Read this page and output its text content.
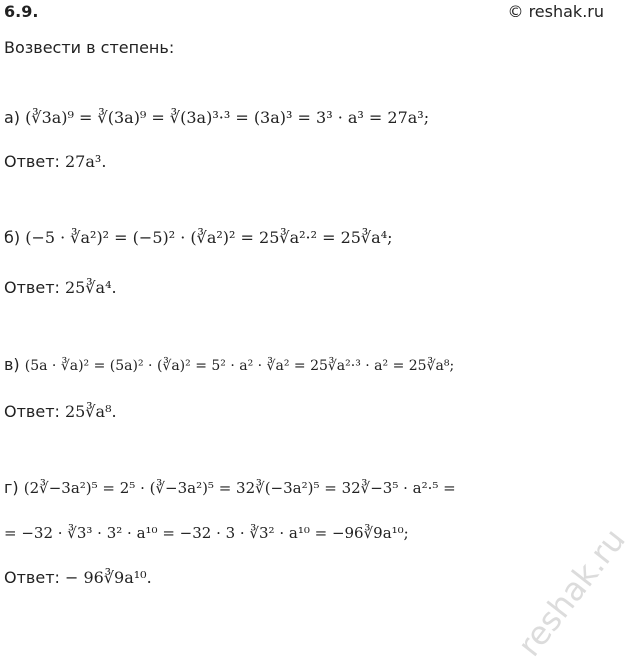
6.9.	© reshak.ru
Возвести в степень:
reshak.ru
а) (∛3a)⁹ = ∛(3a)⁹ = ∛(3a)³·³ = (3a)³ = 3³ · a³ = 27a³;
Ответ: 27a³.
б) (−5 · ∛a²)² = (−5)² · (∛a²)² = 25∛a²·² = 25∛a⁴;
Ответ: 25∛a⁴.
в) (5a · ∛a)² = (5a)² · (∛a)² = 5² · a² · ∛a² = 25∛a²·³ · a² = 25∛a⁸;
Ответ: 25∛a⁸.
г) (2∛−3a²)⁵ = 2⁵ · (∛−3a²)⁵ = 32∛(−3a²)⁵ = 32∛−3⁵ · a²·⁵ =
= −32 · ∛3³ · 3² · a¹⁰ = −32 · 3 · ∛3² · a¹⁰ = −96∛9a¹⁰;
Ответ: − 96∛9a¹⁰.
